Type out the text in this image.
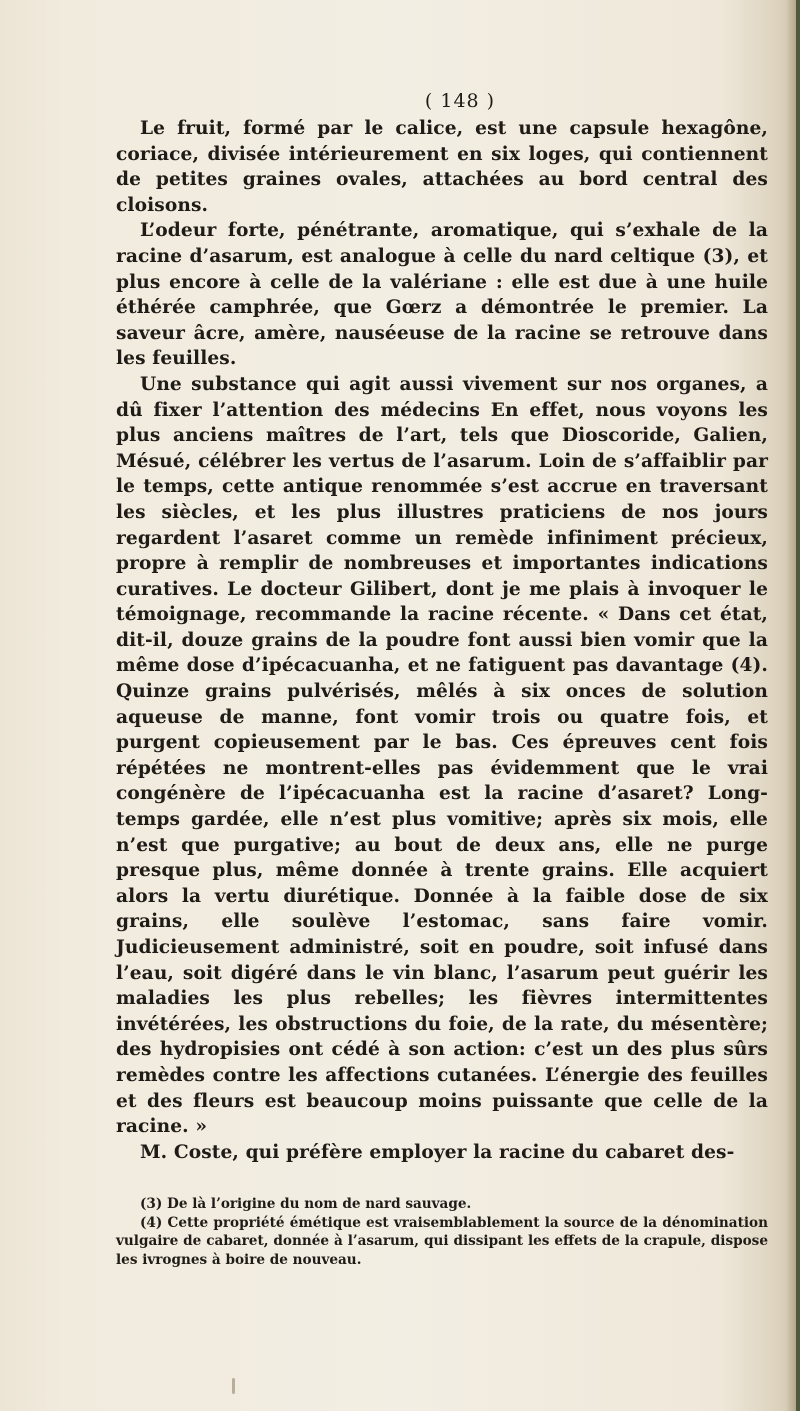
( 148 )

Le fruit, formé par le calice, est une capsule hexagône, coriace, divisée intérieurement en six loges, qui contiennent de petites graines ovales, attachées au bord central des cloisons.

L’odeur forte, pénétrante, aromatique, qui s’exhale de la racine d’asarum, est analogue à celle du nard celtique (3), et plus encore à celle de la valériane : elle est due à une huile éthérée camphrée, que Gœrz a démontrée le premier. La saveur âcre, amère, nauséeuse de la racine se retrouve dans les feuilles.

Une substance qui agit aussi vivement sur nos organes, a dû fixer l’attention des médecins En effet, nous voyons les plus anciens maîtres de l’art, tels que Dioscoride, Galien, Mésué, célébrer les vertus de l’asarum. Loin de s’affaiblir par le temps, cette antique renommée s’est accrue en traversant les siècles, et les plus illustres praticiens de nos jours regardent l’asaret comme un remède infiniment précieux, propre à remplir de nombreuses et importantes indications curatives. Le docteur Gilibert, dont je me plais à invoquer le témoignage, recommande la racine récente. « Dans cet état, dit-il, douze grains de la poudre font aussi bien vomir que la même dose d’ipécacuanha, et ne fatiguent pas davantage (4). Quinze grains pulvérisés, mêlés à six onces de solution aqueuse de manne, font vomir trois ou quatre fois, et purgent copieusement par le bas. Ces épreuves cent fois répétées ne montrent-elles pas évidemment que le vrai congénère de l’ipécacuanha est la racine d’asaret? Long-temps gardée, elle n’est plus vomitive; après six mois, elle n’est que purgative; au bout de deux ans, elle ne purge presque plus, même donnée à trente grains. Elle acquiert alors la vertu diurétique. Donnée à la faible dose de six grains, elle soulève l’estomac, sans faire vomir. Judicieusement administré, soit en poudre, soit infusé dans l’eau, soit digéré dans le vin blanc, l’asarum peut guérir les maladies les plus rebelles; les fièvres intermittentes invétérées, les obstructions du foie, de la rate, du mésentère; des hydropisies ont cédé à son action: c’est un des plus sûrs remèdes contre les affections cutanées. L’énergie des feuilles et des fleurs est beaucoup moins puissante que celle de la racine. »

M. Coste, qui préfère employer la racine du cabaret des-

(3) De là l’origine du nom de nard sauvage.

(4) Cette propriété émétique est vraisemblablement la source de la dénomination vulgaire de cabaret, donnée à l’asarum, qui dissipant les effets de la crapule, dispose les ivrognes à boire de nouveau.
